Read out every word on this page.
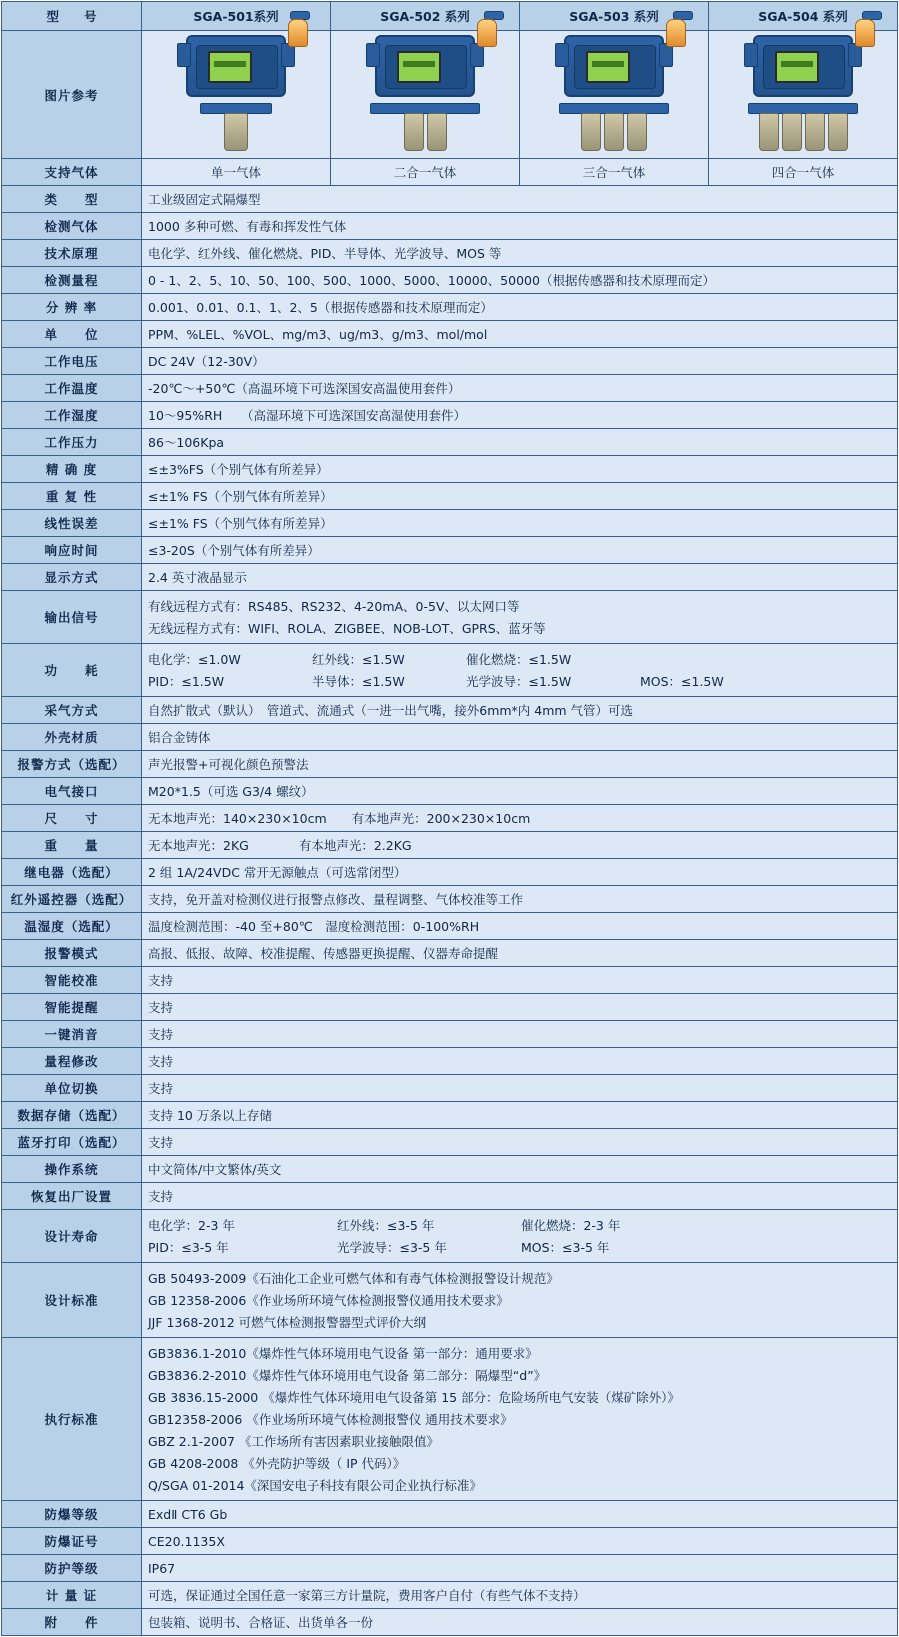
型　　号	SGA-501系列	SGA-502 系列	SGA-503 系列	SGA-504 系列
图片参考	

支持气体	单一气体	二合一气体	三合一气体	四合一气体
类　　型	工业级固定式隔爆型			
检测气体	1000 多种可燃、有毒和挥发性气体			
技术原理	电化学、红外线、催化燃烧、PID、半导体、光学波导、MOS 等			
检测量程	0 - 1、2、5、10、50、100、500、1000、5000、10000、50000（根据传感器和技术原理而定）			
分 辨 率	0.001、0.01、0.1、1、2、5（根据传感器和技术原理而定）			
单　　位	PPM、%LEL、%VOL、mg/m3、ug/m3、g/m3、mol/mol			
工作电压	DC 24V（12-30V）			
工作温度	-20℃～+50℃（高温环境下可选深国安高温使用套件）			
工作湿度	10～95%RH　　（高湿环境下可选深国安高湿使用套件）			
工作压力	86～106Kpa			
精 确 度	≤±3%FS（个别气体有所差异）			
重 复 性	≤±1% FS（个别气体有所差异）			
线性误差	≤±1% FS（个别气体有所差异）			
响应时间	≤3-20S（个别气体有所差异）			
显示方式	2.4 英寸液晶显示			
输出信号	有线远程方式有：RS485、RS232、4-20mA、0-5V、以太网口等
无线远程方式有：WIFI、ROLA、ZIGBEE、NOB-LOT、GPRS、蓝牙等			

功　　耗	电化学：≤1.0W 红外线：≤1.5W 催化燃烧：≤1.5W
PID：≤1.5W 半导体：≤1.5W 光学波导：≤1.5W MOS：≤1.5W			

采气方式	自然扩散式（默认）　管道式、流通式（一进一出气嘴，接外6mm*内 4mm 气管）可选			
外壳材质	铝合金铸体			
报警方式（选配）	声光报警+可视化颜色预警法			
电气接口	M20*1.5（可选 G3/4 螺纹）			
尺　　寸	无本地声光：140×230×10cm　　有本地声光：200×230×10cm			
重　　量	无本地声光：2KG　　　　有本地声光：2.2KG			
继电器（选配）	2 组 1A/24VDC 常开无源触点（可选常闭型）			
红外遥控器（选配）	支持，免开盖对检测仪进行报警点修改、量程调整、气体校准等工作			
温湿度（选配）	温度检测范围：-40 至+80℃　湿度检测范围：0-100%RH			
报警模式	高报、低报、故障、校准提醒、传感器更换提醒、仪器寿命提醒			
智能校准	支持			
智能提醒	支持			
一键消音	支持			
量程修改	支持			
单位切换	支持			
数据存储（选配）	支持 10 万条以上存储			
蓝牙打印（选配）	支持			
操作系统	中文简体/中文繁体/英文			
恢复出厂设置	支持			
设计寿命	电化学：2-3 年 红外线：≤3-5 年 催化燃烧：2-3 年
PID：≤3-5 年 光学波导：≤3-5 年 MOS：≤3-5 年			

设计标准	GB 50493-2009《石油化工企业可燃气体和有毒气体检测报警设计规范》
GB 12358-2006《作业场所环境气体检测报警仪通用技术要求》
JJF 1368-2012 可燃气体检测报警器型式评价大纲			

执行标准	
GB3836.1-2010《爆炸性气体环境用电气设备 第一部分：通用要求》
GB3836.2-2010《爆炸性气体环境用电气设备 第二部分：隔爆型“d”》
GB 3836.15-2000 《爆炸性气体环境用电气设备第 15 部分：危险场所电气安装（煤矿除外）》
GB12358-2006 《作业场所环境气体检测报警仪 通用技术要求》
GBZ 2.1-2007 《工作场所有害因素职业接触限值》
GB 4208-2008 《外壳防护等级（ IP 代码）》
Q/SGA 01-2014《深国安电子科技有限公司企业执行标准》

防爆等级	ExdⅡ CT6 Gb			
防爆证号	CE20.1135X			
防护等级	IP67			
计 量 证	可选，保证通过全国任意一家第三方计量院，费用客户自付（有些气体不支持）			
附　　件	包装箱、说明书、合格证、出货单各一份			
